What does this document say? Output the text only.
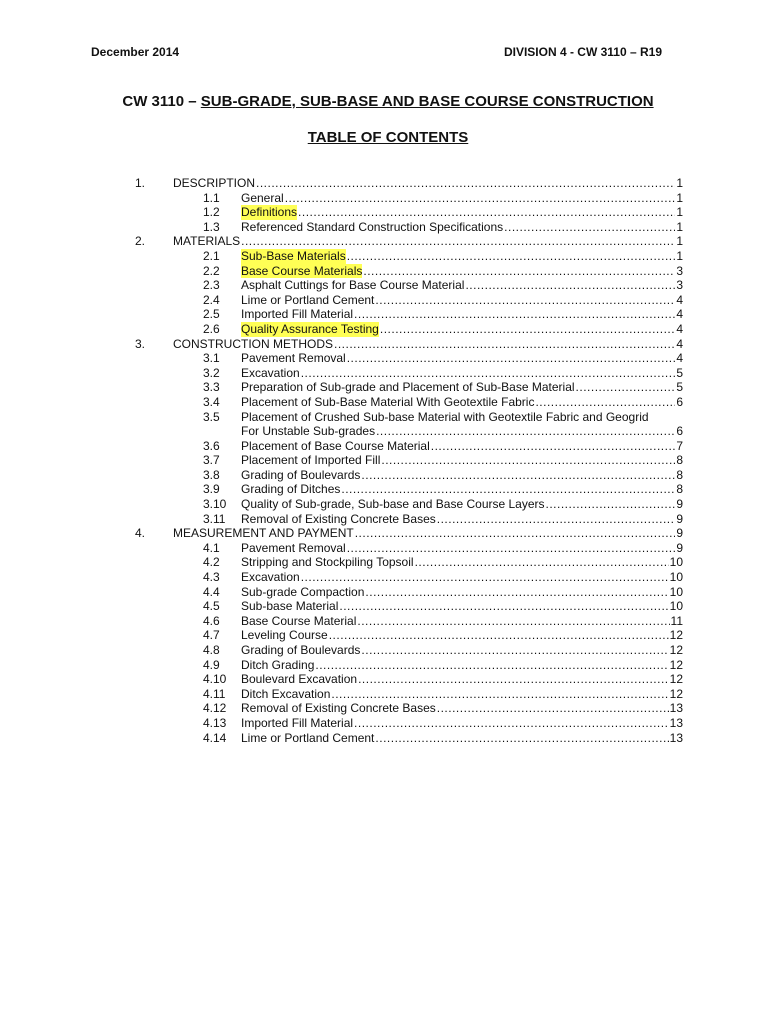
December 2014	DIVISION 4 - CW 3110 – R19
CW 3110 – SUB-GRADE, SUB-BASE AND BASE COURSE CONSTRUCTION
TABLE OF CONTENTS
1. DESCRIPTION .....	1
1.1 General .....	1
1.2 Definitions .....	1
1.3 Referenced Standard Construction Specifications .....	1
2. MATERIALS .....	1
2.1 Sub-Base Materials .....	1
2.2 Base Course Materials .....	3
2.3 Asphalt Cuttings for Base Course Material .....	3
2.4 Lime or Portland Cement .....	4
2.5 Imported Fill Material .....	4
2.6 Quality Assurance Testing .....	4
3. CONSTRUCTION METHODS .....	4
3.1 Pavement Removal .....	4
3.2 Excavation .....	5
3.3 Preparation of Sub-grade and Placement of Sub-Base Material .....	5
3.4 Placement of Sub-Base Material With Geotextile Fabric .....	6
3.5 Placement of Crushed Sub-base Material with Geotextile Fabric and Geogrid
For Unstable Sub-grades .....	6
3.6 Placement of Base Course Material .....	7
3.7 Placement of Imported Fill .....	8
3.8 Grading of Boulevards .....	8
3.9 Grading of Ditches .....	8
3.10 Quality of Sub-grade, Sub-base and Base Course Layers .....	9
3.11 Removal of Existing Concrete Bases .....	9
4. MEASUREMENT AND PAYMENT .....	9
4.1 Pavement Removal .....	9
4.2 Stripping and Stockpiling Topsoil .....	10
4.3 Excavation .....	10
4.4 Sub-grade Compaction .....	10
4.5 Sub-base Material .....	10
4.6 Base Course Material .....	11
4.7 Leveling Course .....	12
4.8 Grading of Boulevards .....	12
4.9 Ditch Grading .....	12
4.10 Boulevard Excavation .....	12
4.11 Ditch Excavation .....	12
4.12 Removal of Existing Concrete Bases .....	13
4.13 Imported Fill Material .....	13
4.14 Lime or Portland Cement .....	13
